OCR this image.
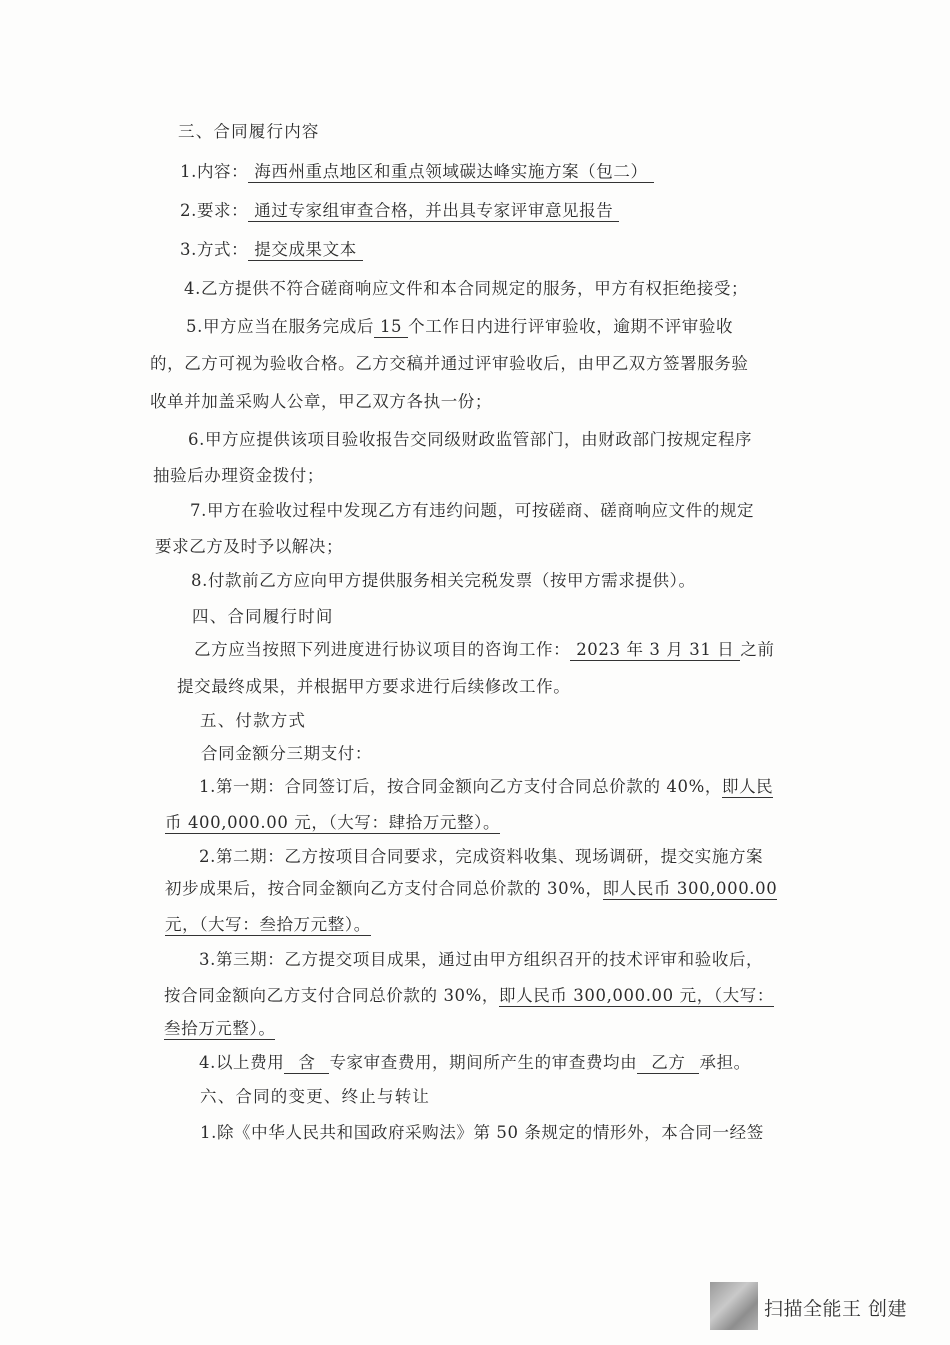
三、合同履行内容
1.内容： 海西州重点地区和重点领域碳达峰实施方案（包二）
2.要求： 通过专家组审查合格，并出具专家评审意见报告
3.方式： 提交成果文本
4.乙方提供不符合磋商响应文件和本合同规定的服务，甲方有权拒绝接受；
5.甲方应当在服务完成后 15 个工作日内进行评审验收，逾期不评审验收
的，乙方可视为验收合格。乙方交稿并通过评审验收后，由甲乙双方签署服务验
收单并加盖采购人公章，甲乙双方各执一份；
6.甲方应提供该项目验收报告交同级财政监管部门，由财政部门按规定程序
抽验后办理资金拨付；
7.甲方在验收过程中发现乙方有违约问题，可按磋商、磋商响应文件的规定
要求乙方及时予以解决；
8.付款前乙方应向甲方提供服务相关完税发票（按甲方需求提供）。
四、合同履行时间
乙方应当按照下列进度进行协议项目的咨询工作： 2023 年 3 月 31 日 之前
提交最终成果，并根据甲方要求进行后续修改工作。
五、付款方式
合同金额分三期支付：
1.第一期：合同签订后，按合同金额向乙方支付合同总价款的 40%，即人民
币 400,000.00 元，（大写：肆拾万元整）。
2.第二期：乙方按项目合同要求，完成资料收集、现场调研，提交实施方案
初步成果后，按合同金额向乙方支付合同总价款的 30%，即人民币 300,000.00
元，（大写：叁拾万元整）。
3.第三期：乙方提交项目成果，通过由甲方组织召开的技术评审和验收后，
按合同金额向乙方支付合同总价款的 30%，即人民币 300,000.00 元，（大写：
叁拾万元整）。
4.以上费用 含 专家审查费用，期间所产生的审查费均由 乙方 承担。
六、合同的变更、终止与转让
1.除《中华人民共和国政府采购法》第 50 条规定的情形外，本合同一经签
扫描全能王 创建
